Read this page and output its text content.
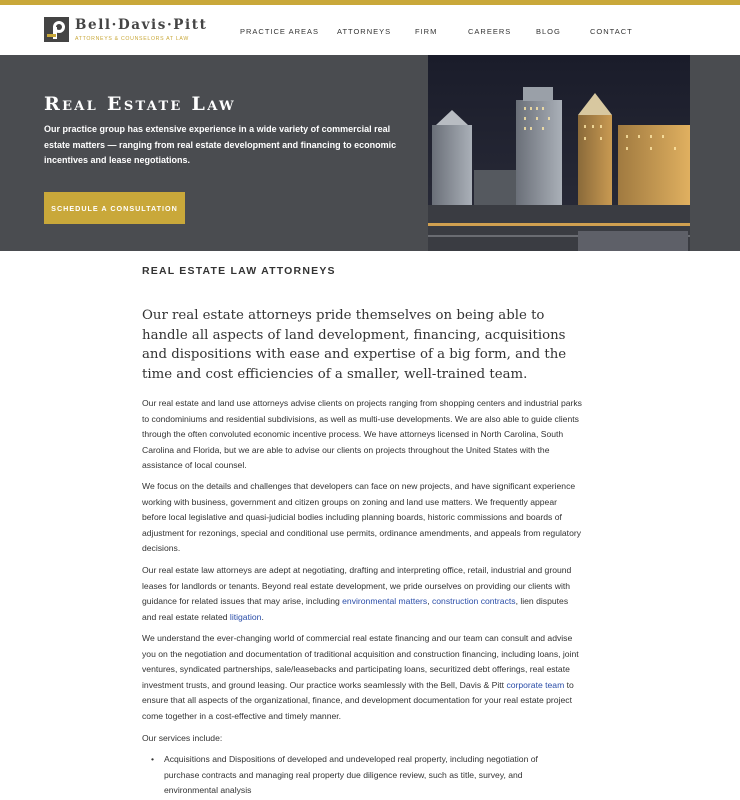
Bell·Davis·Pitt
ATTORNEYS & COUNSELORS AT LAW
PRACTICE AREAS ATTORNEYS	FIRM	CAREERS	BLOG	CONTACT
Real Estate Law

Our practice group has extensive experience in a wide variety of commercial real estate matters — ranging from real estate development and financing to economic incentives and lease negotiations.

SCHEDULE A CONSULTATION
REAL ESTATE LAW ATTORNEYS

Our real estate attorneys pride themselves on being able to handle all aspects of land development, financing, acquisitions and dispositions with ease and expertise of a big form, and the time and cost efficiencies of a smaller, well-trained team.

Our real estate and land use attorneys advise clients on projects ranging from shopping centers and industrial parks to condominiums and residential subdivisions, as well as multi-use developments. We are also able to guide clients through the often convoluted economic incentive process. We have attorneys licensed in North Carolina, South Carolina and Florida, but we are able to advise our clients on projects throughout the United States with the assistance of local counsel.

We focus on the details and challenges that developers can face on new projects, and have significant experience working with business, government and citizen groups on zoning and land use matters. We frequently appear before local legislative and quasi-judicial bodies including planning boards, historic commissions and boards of adjustment for rezonings, special and conditional use permits, ordinance amendments, and appeals from regulatory decisions.

Our real estate law attorneys are adept at negotiating, drafting and interpreting office, retail, industrial and ground leases for landlords or tenants. Beyond real estate development, we pride ourselves on providing our clients with guidance for related issues that may arise, including environmental matters, construction contracts, lien disputes and real estate related litigation.

We understand the ever-changing world of commercial real estate financing and our team can consult and advise you on the negotiation and documentation of traditional acquisition and construction financing, including loans, joint ventures, syndicated partnerships, sale/leasebacks and participating loans, securitized debt offerings, real estate investment trusts, and ground leasing. Our practice works seamlessly with the Bell, Davis & Pitt corporate team to ensure that all aspects of the organizational, finance, and development documentation for your real estate project come together in a cost-effective and timely manner.

Our services include:

• Acquisitions and Dispositions of developed and undeveloped real property, including negotiation of purchase contracts and managing real property due diligence review, such as title, survey, and environmental analysis
